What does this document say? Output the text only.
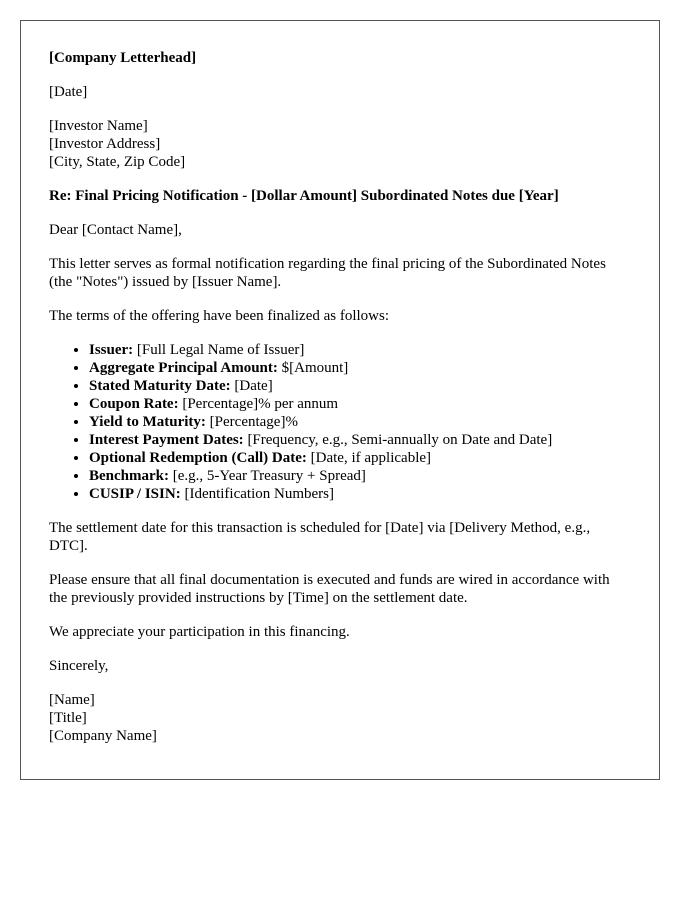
[Company Letterhead]

[Date]

[Investor Name]
[Investor Address]
[City, State, Zip Code]

Re: Final Pricing Notification - [Dollar Amount] Subordinated Notes due [Year]

Dear [Contact Name],

This letter serves as formal notification regarding the final pricing of the Subordinated Notes (the "Notes") issued by [Issuer Name].

The terms of the offering have been finalized as follows:

• Issuer: [Full Legal Name of Issuer]
• Aggregate Principal Amount: $[Amount]
• Stated Maturity Date: [Date]
• Coupon Rate: [Percentage]% per annum
• Yield to Maturity: [Percentage]%
• Interest Payment Dates: [Frequency, e.g., Semi-annually on Date and Date]
• Optional Redemption (Call) Date: [Date, if applicable]
• Benchmark: [e.g., 5-Year Treasury + Spread]
• CUSIP / ISIN: [Identification Numbers]

The settlement date for this transaction is scheduled for [Date] via [Delivery Method, e.g., DTC].

Please ensure that all final documentation is executed and funds are wired in accordance with the previously provided instructions by [Time] on the settlement date.

We appreciate your participation in this financing.

Sincerely,

[Name]
[Title]
[Company Name]
